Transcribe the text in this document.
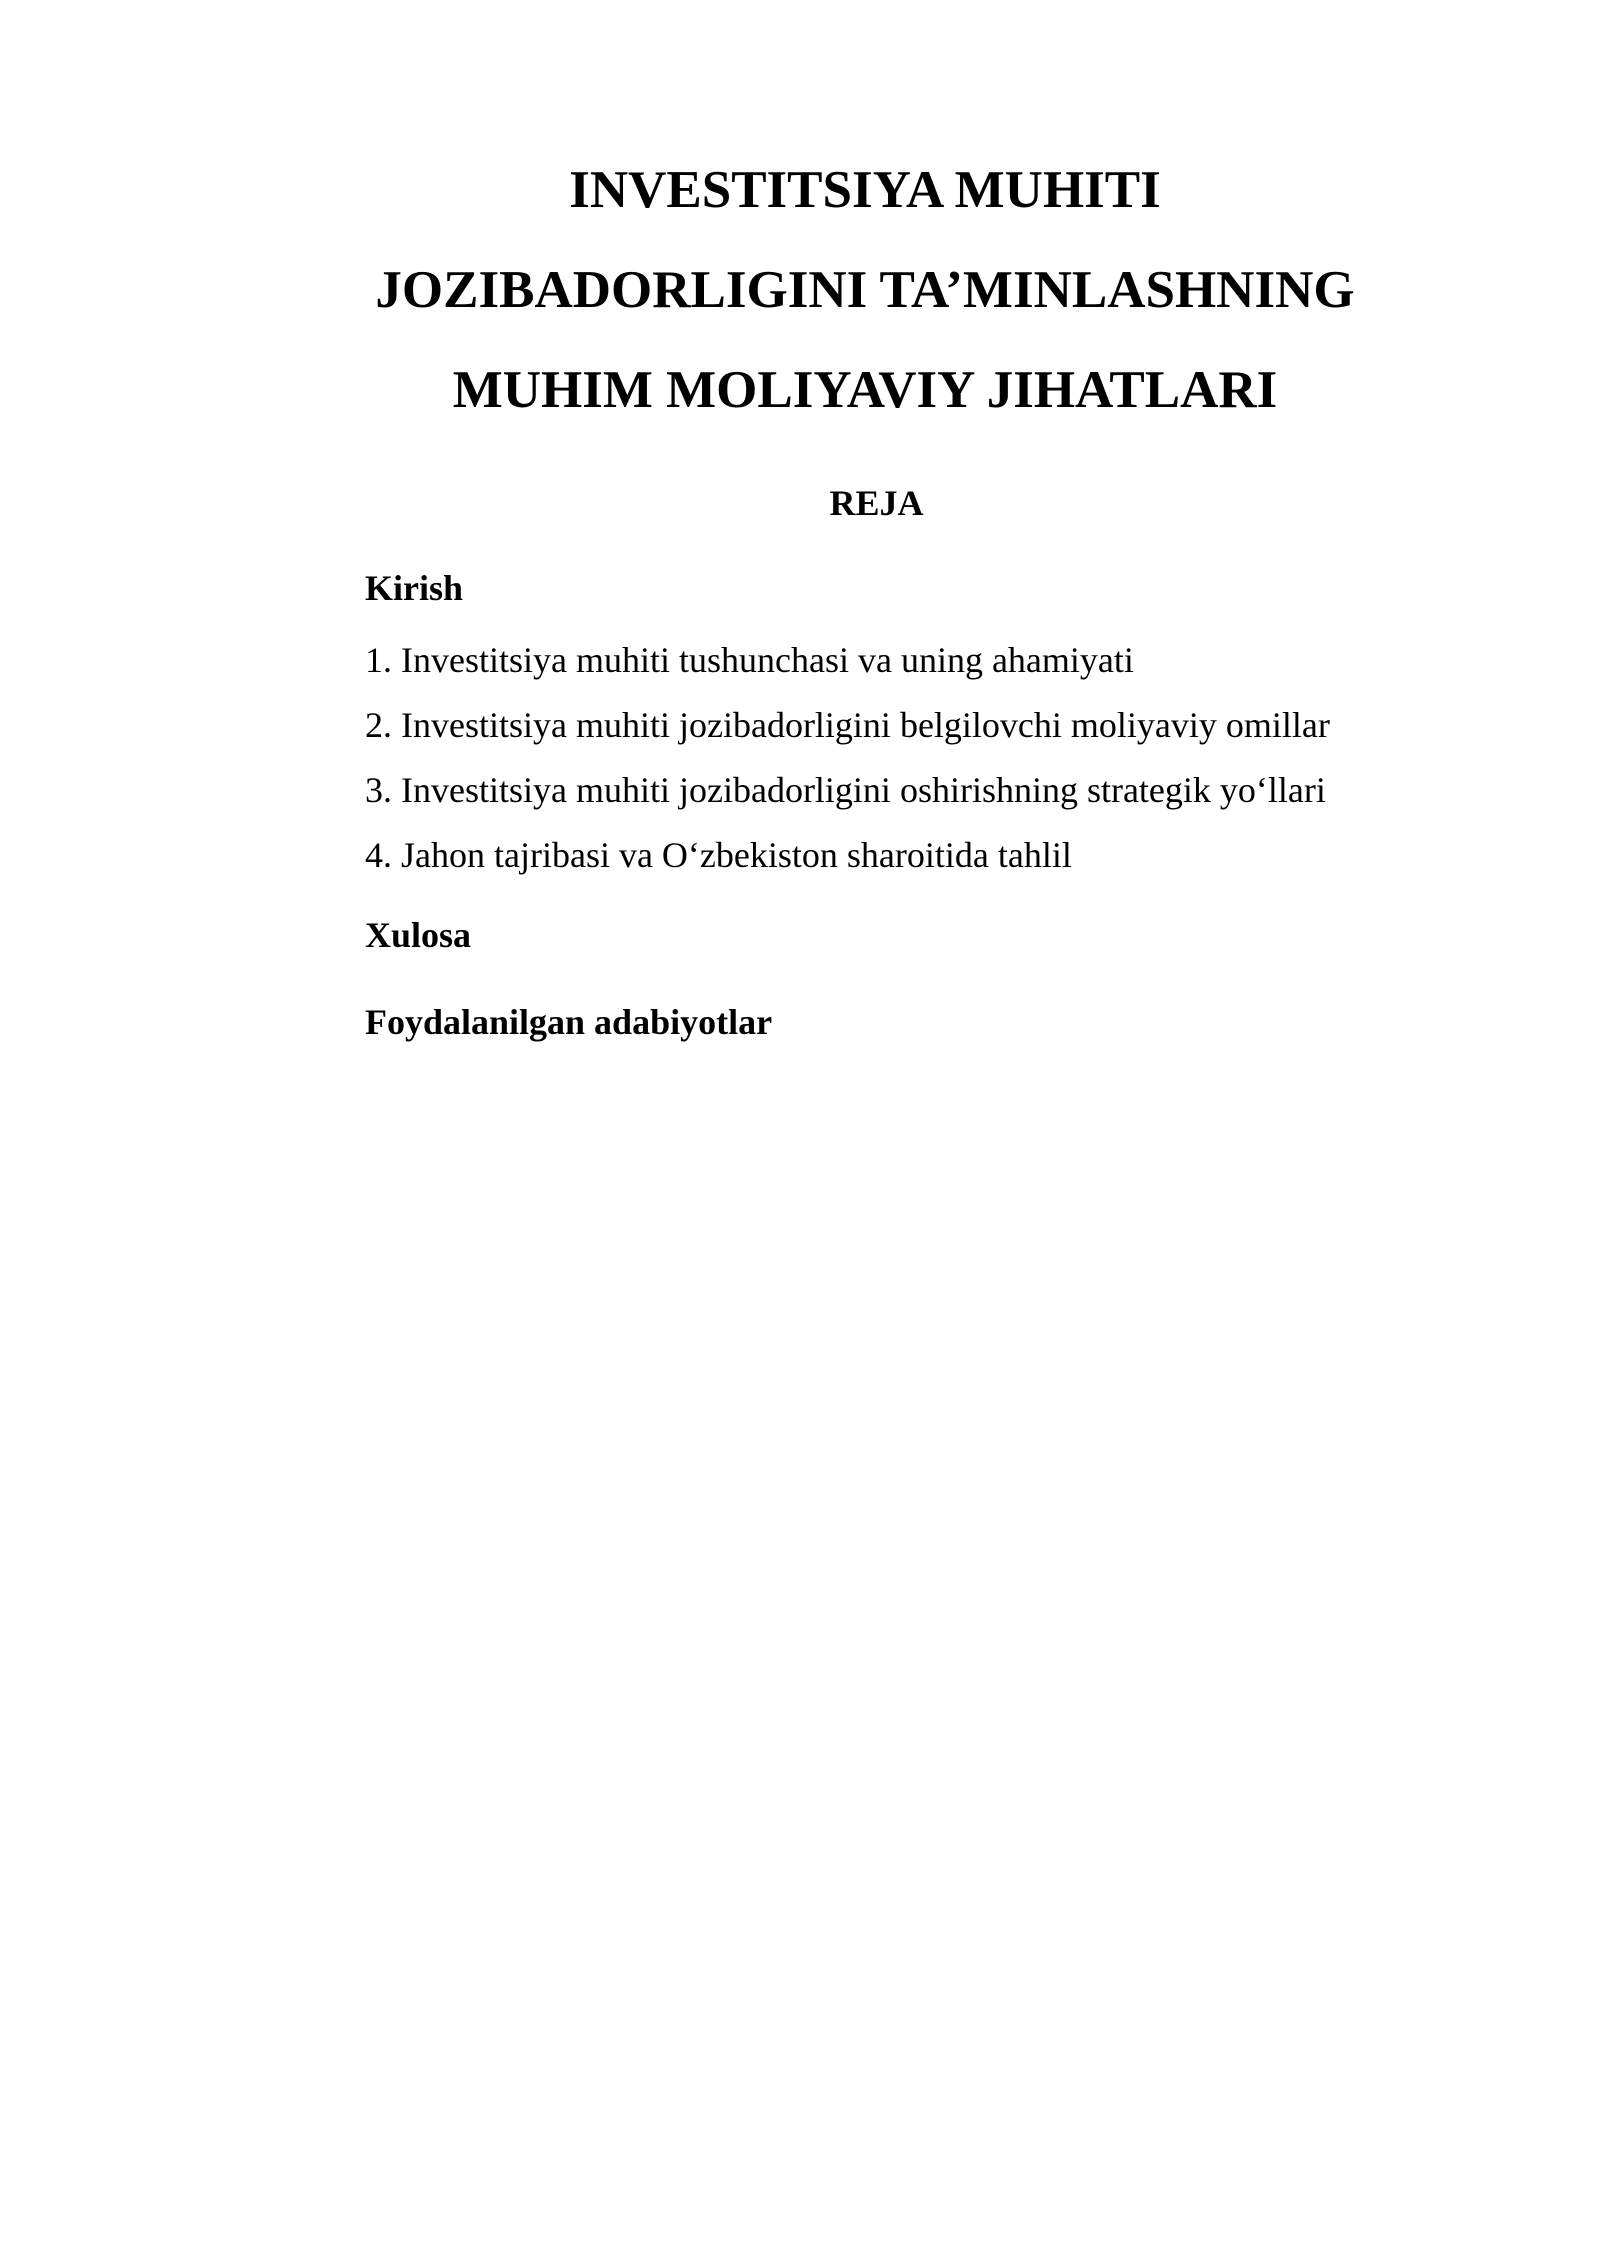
INVESTITSIYA MUHITI
JOZIBADORLIGINI TA’MINLASHNING
MUHIM MOLIYAVIY JIHATLARI
REJA

Kirish

1. Investitsiya muhiti tushunchasi va uning ahamiyati
2. Investitsiya muhiti jozibadorligini belgilovchi moliyaviy omillar
3. Investitsiya muhiti jozibadorligini oshirishning strategik yo‘llari
4. Jahon tajribasi va O‘zbekiston sharoitida tahlil

Xulosa

Foydalanilgan adabiyotlar
